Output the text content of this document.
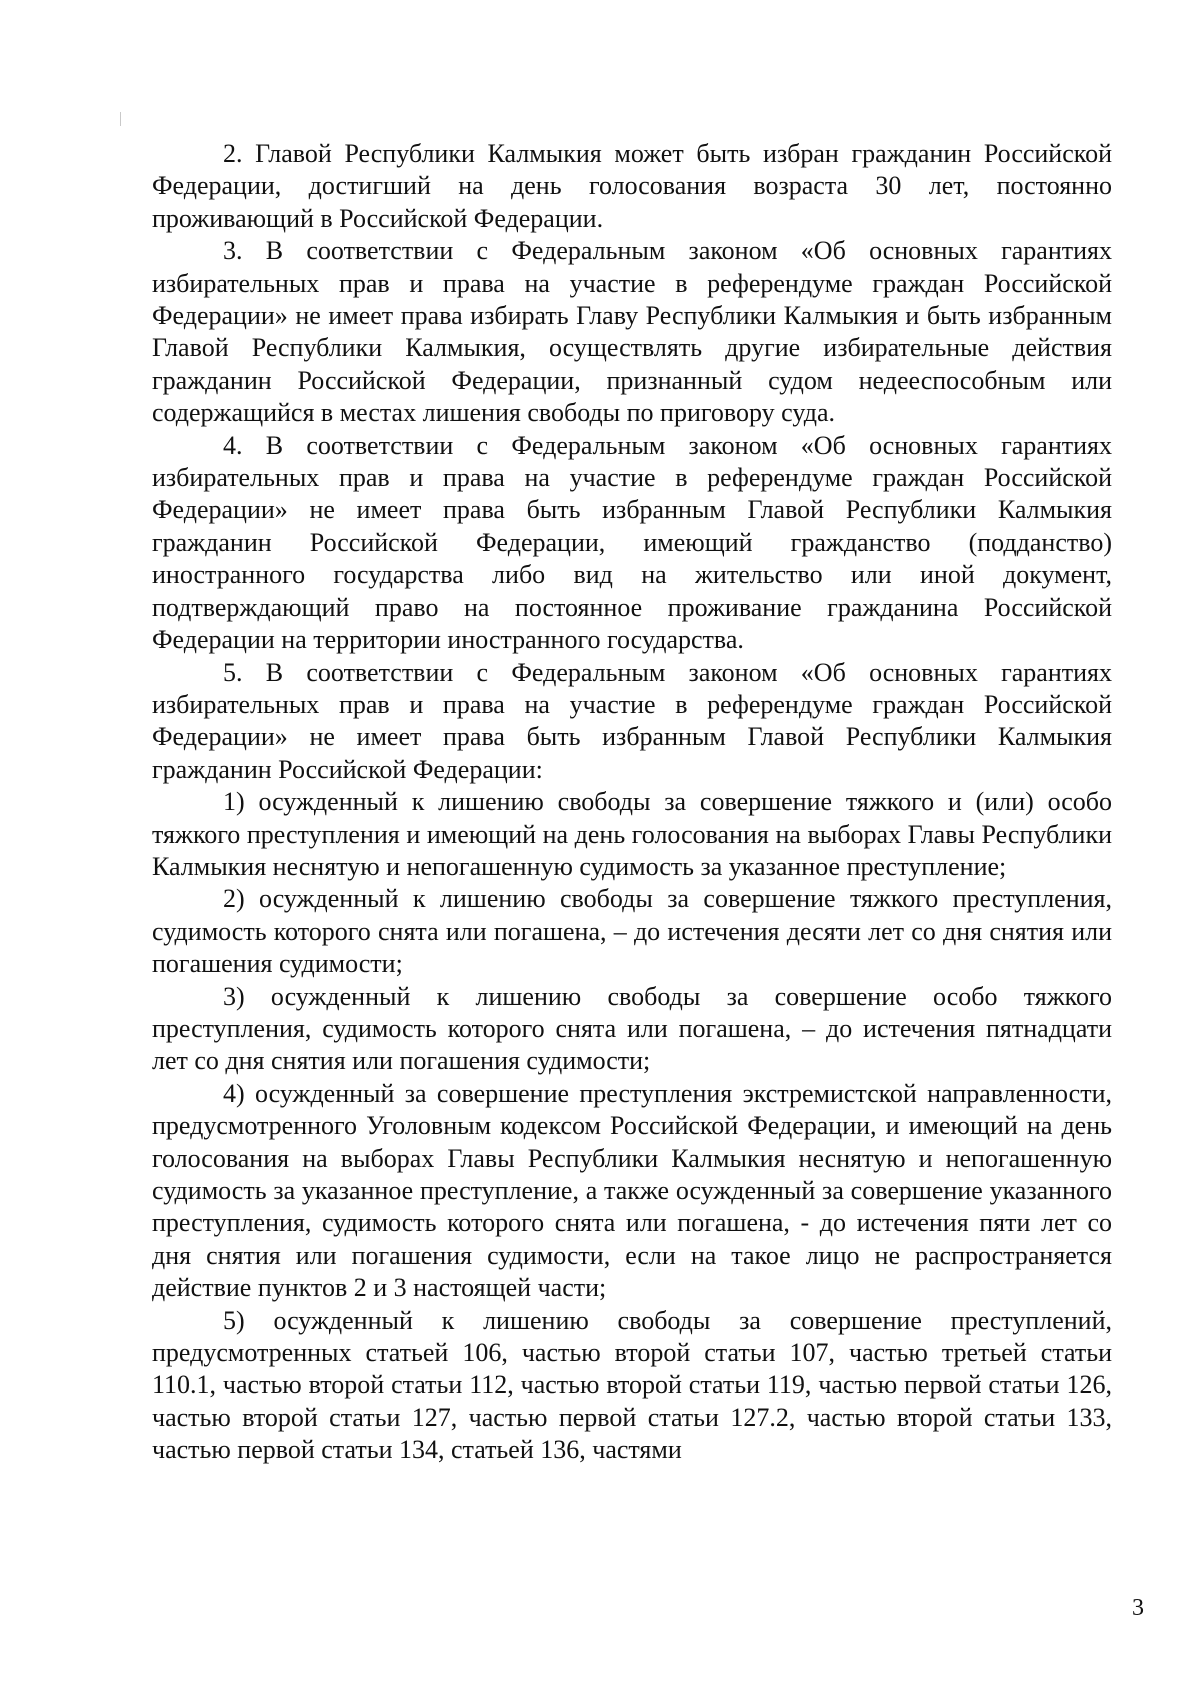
2. Главой Республики Калмыкия может быть избран гражданин Российской Федерации, достигший на день голосования возраста 30 лет, постоянно проживающий в Российской Федерации.

3. В соответствии с Федеральным законом «Об основных гарантиях избирательных прав и права на участие в референдуме граждан Российской Федерации» не имеет права избирать Главу Республики Калмыкия и быть избранным Главой Республики Калмыкия, осуществлять другие избирательные действия гражданин Российской Федерации, признанный судом недееспособным или содержащийся в местах лишения свободы по приговору суда.

4. В соответствии с Федеральным законом «Об основных гарантиях избирательных прав и права на участие в референдуме граждан Российской Федерации» не имеет права быть избранным Главой Республики Калмыкия гражданин Российской Федерации, имеющий гражданство (подданство) иностранного государства либо вид на жительство или иной документ, подтверждающий право на постоянное проживание гражданина Российской Федерации на территории иностранного государства.

5. В соответствии с Федеральным законом «Об основных гарантиях избирательных прав и права на участие в референдуме граждан Российской Федерации» не имеет права быть избранным Главой Республики Калмыкия гражданин Российской Федерации:

1) осужденный к лишению свободы за совершение тяжкого и (или) особо тяжкого преступления и имеющий на день голосования на выборах Главы Республики Калмыкия неснятую и непогашенную судимость за указанное преступление;

2) осужденный к лишению свободы за совершение тяжкого преступления, судимость которого снята или погашена, – до истечения десяти лет со дня снятия или погашения судимости;

3) осужденный к лишению свободы за совершение особо тяжкого преступления, судимость которого снята или погашена, – до истечения пятнадцати лет со дня снятия или погашения судимости;

4) осужденный за совершение преступления экстремистской направленности, предусмотренного Уголовным кодексом Российской Федерации, и имеющий на день голосования на выборах Главы Республики Калмыкия неснятую и непогашенную судимость за указанное преступление, а также осужденный за совершение указанного преступления, судимость которого снята или погашена, - до истечения пяти лет со дня снятия или погашения судимости, если на такое лицо не распространяется действие пунктов 2 и 3 настоящей части;

5) осужденный к лишению свободы за совершение преступлений, предусмотренных статьей 106, частью второй статьи 107, частью третьей статьи 110.1, частью второй статьи 112, частью второй статьи 119, частью первой статьи 126, частью второй статьи 127, частью первой статьи 127.2, частью второй статьи 133, частью первой статьи 134, статьей 136, частями

3
